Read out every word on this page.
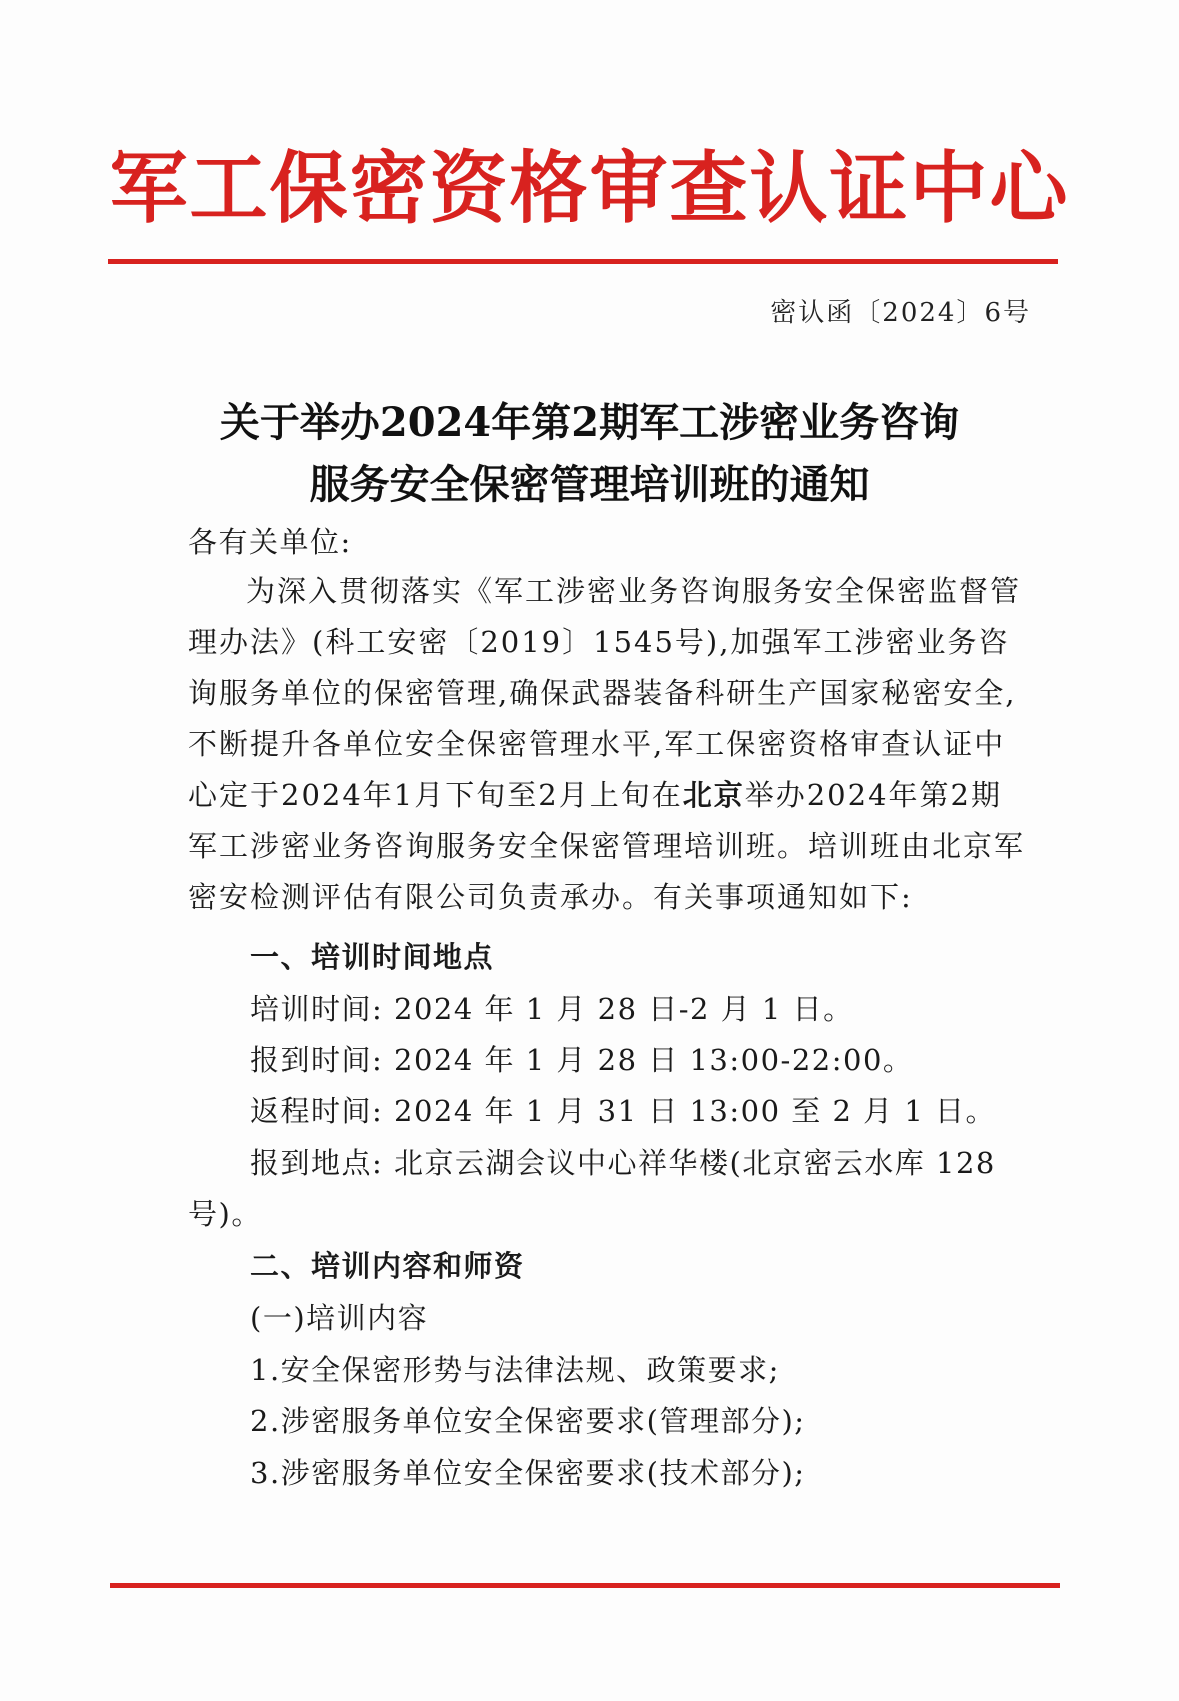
军工保密资格审查认证中心
密认函〔2024〕6号
关于举办2024年第2期军工涉密业务咨询
服务安全保密管理培训班的通知
各有关单位:
为深入贯彻落实《军工涉密业务咨询服务安全保密监督管理办法》(科工安密〔2019〕1545号),加强军工涉密业务咨询服务单位的保密管理,确保武器装备科研生产国家秘密安全,不断提升各单位安全保密管理水平,军工保密资格审查认证中心定于2024年1月下旬至2月上旬在北京举办2024年第2期军工涉密业务咨询服务安全保密管理培训班。培训班由北京军密安检测评估有限公司负责承办。有关事项通知如下:
一、培训时间地点
培训时间: 2024 年 1 月 28 日-2 月 1 日。
报到时间: 2024 年 1 月 28 日 13:00-22:00。
返程时间: 2024 年 1 月 31 日 13:00 至 2 月 1 日。
报到地点: 北京云湖会议中心祥华楼(北京密云水库 128
号)。
二、培训内容和师资
(一)培训内容
1.安全保密形势与法律法规、政策要求;
2.涉密服务单位安全保密要求(管理部分);
3.涉密服务单位安全保密要求(技术部分);
